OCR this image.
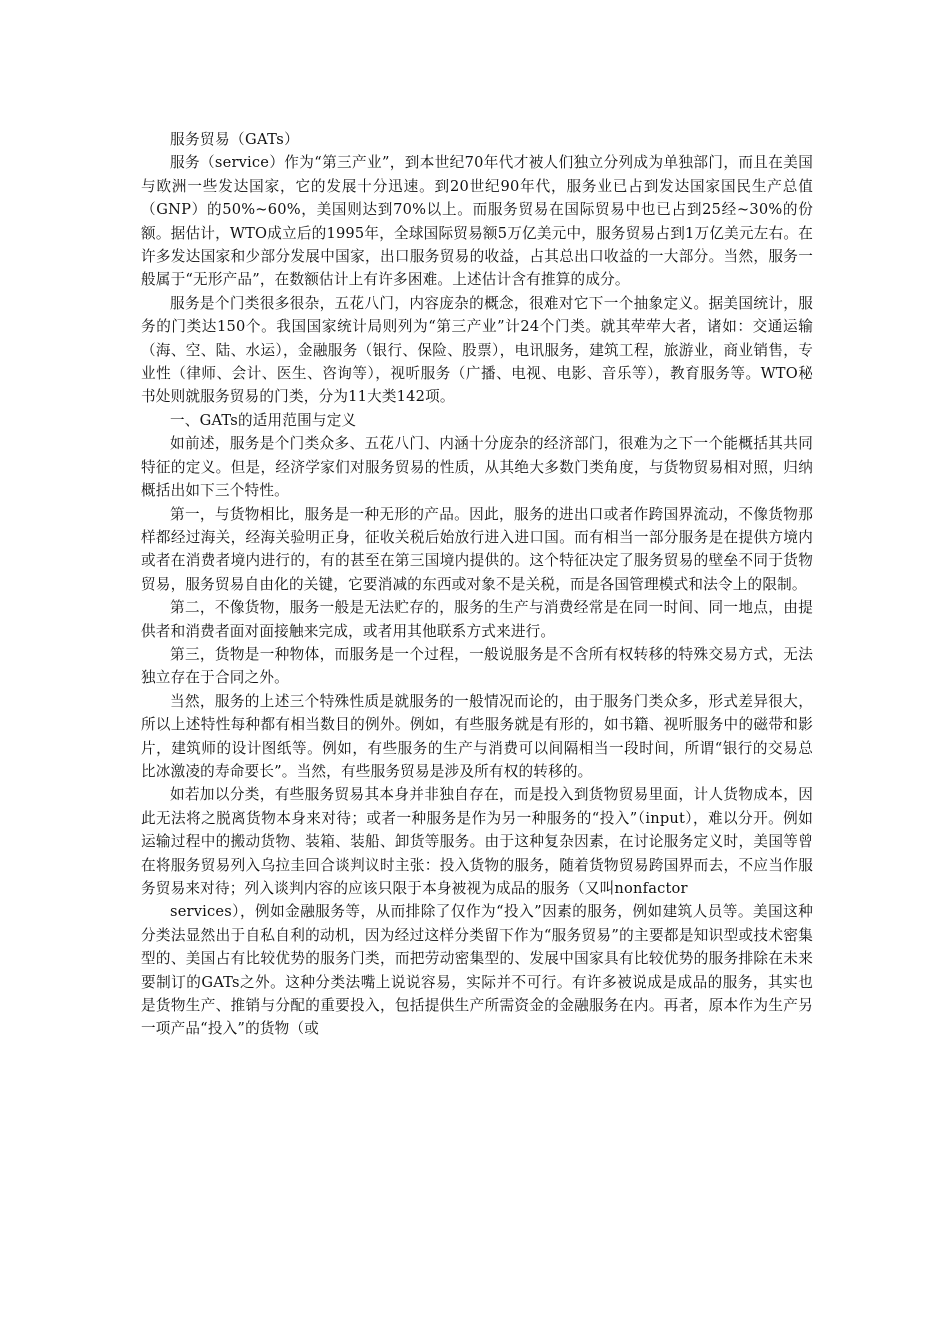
服务贸易（GATs）

服务（service）作为“第三产业”，到本世纪70年代才被人们独立分列成为单独部门，而且在美国与欧洲一些发达国家，它的发展十分迅速。到20世纪90年代，服务业已占到发达国家国民生产总值（GNP）的50%~60%，美国则达到70%以上。而服务贸易在国际贸易中也已占到25经~30%的份额。据估计，WTO成立后的1995年，全球国际贸易额5万亿美元中，服务贸易占到1万亿美元左右。在许多发达国家和少部分发展中国家，出口服务贸易的收益，占其总出口收益的一大部分。当然，服务一般属于“无形产品”，在数额估计上有许多困难。上述估计含有推算的成分。

服务是个门类很多很杂，五花八门，内容庞杂的概念，很难对它下一个抽象定义。据美国统计，服务的门类达150个。我国国家统计局则列为“第三产业”计24个门类。就其荦荦大者，诸如：交通运输（海、空、陆、水运），金融服务（银行、保险、股票），电讯服务，建筑工程，旅游业，商业销售，专业性（律师、会计、医生、咨询等），视听服务（广播、电视、电影、音乐等），教育服务等。WTO秘书处则就服务贸易的门类，分为11大类142项。

一、GATs的适用范围与定义

如前述，服务是个门类众多、五花八门、内涵十分庞杂的经济部门，很难为之下一个能概括其共同特征的定义。但是，经济学家们对服务贸易的性质，从其绝大多数门类角度，与货物贸易相对照，归纳概括出如下三个特性。

第一，与货物相比，服务是一种无形的产品。因此，服务的进出口或者作跨国界流动，不像货物那样都经过海关，经海关验明正身，征收关税后始放行进入进口国。而有相当一部分服务是在提供方境内或者在消费者境内进行的，有的甚至在第三国境内提供的。这个特征决定了服务贸易的壁垒不同于货物贸易，服务贸易自由化的关键，它要消减的东西或对象不是关税，而是各国管理模式和法令上的限制。

第二，不像货物，服务一般是无法贮存的，服务的生产与消费经常是在同一时间、同一地点，由提供者和消费者面对面接触来完成，或者用其他联系方式来进行。

第三，货物是一种物体，而服务是一个过程，一般说服务是不含所有权转移的特殊交易方式，无法独立存在于合同之外。

当然，服务的上述三个特殊性质是就服务的一般情况而论的，由于服务门类众多，形式差异很大，所以上述特性每种都有相当数目的例外。例如，有些服务就是有形的，如书籍、视听服务中的磁带和影片，建筑师的设计图纸等。例如，有些服务的生产与消费可以间隔相当一段时间，所谓“银行的交易总比冰激凌的寿命要长”。当然，有些服务贸易是涉及所有权的转移的。

如若加以分类，有些服务贸易其本身并非独自存在，而是投入到货物贸易里面，计人货物成本，因此无法将之脱离货物本身来对待；或者一种服务是作为另一种服务的“投入”（input），难以分开。例如运输过程中的搬动货物、装箱、装船、卸货等服务。由于这种复杂因素，在讨论服务定义时，美国等曾在将服务贸易列入乌拉圭回合谈判议时主张：投入货物的服务，随着货物贸易跨国界而去，不应当作服务贸易来对待；列入谈判内容的应该只限于本身被视为成品的服务（又叫nonfactor

services），例如金融服务等，从而排除了仅作为“投入”因素的服务，例如建筑人员等。美国这种分类法显然出于自私自利的动机，因为经过这样分类留下作为“服务贸易”的主要都是知识型或技术密集型的、美国占有比较优势的服务门类，而把劳动密集型的、发展中国家具有比较优势的服务排除在未来要制订的GATs之外。这种分类法嘴上说说容易，实际并不可行。有许多被说成是成品的服务，其实也是货物生产、推销与分配的重要投入，包括提供生产所需资金的金融服务在内。再者，原本作为生产另一项产品“投入”的货物（或
